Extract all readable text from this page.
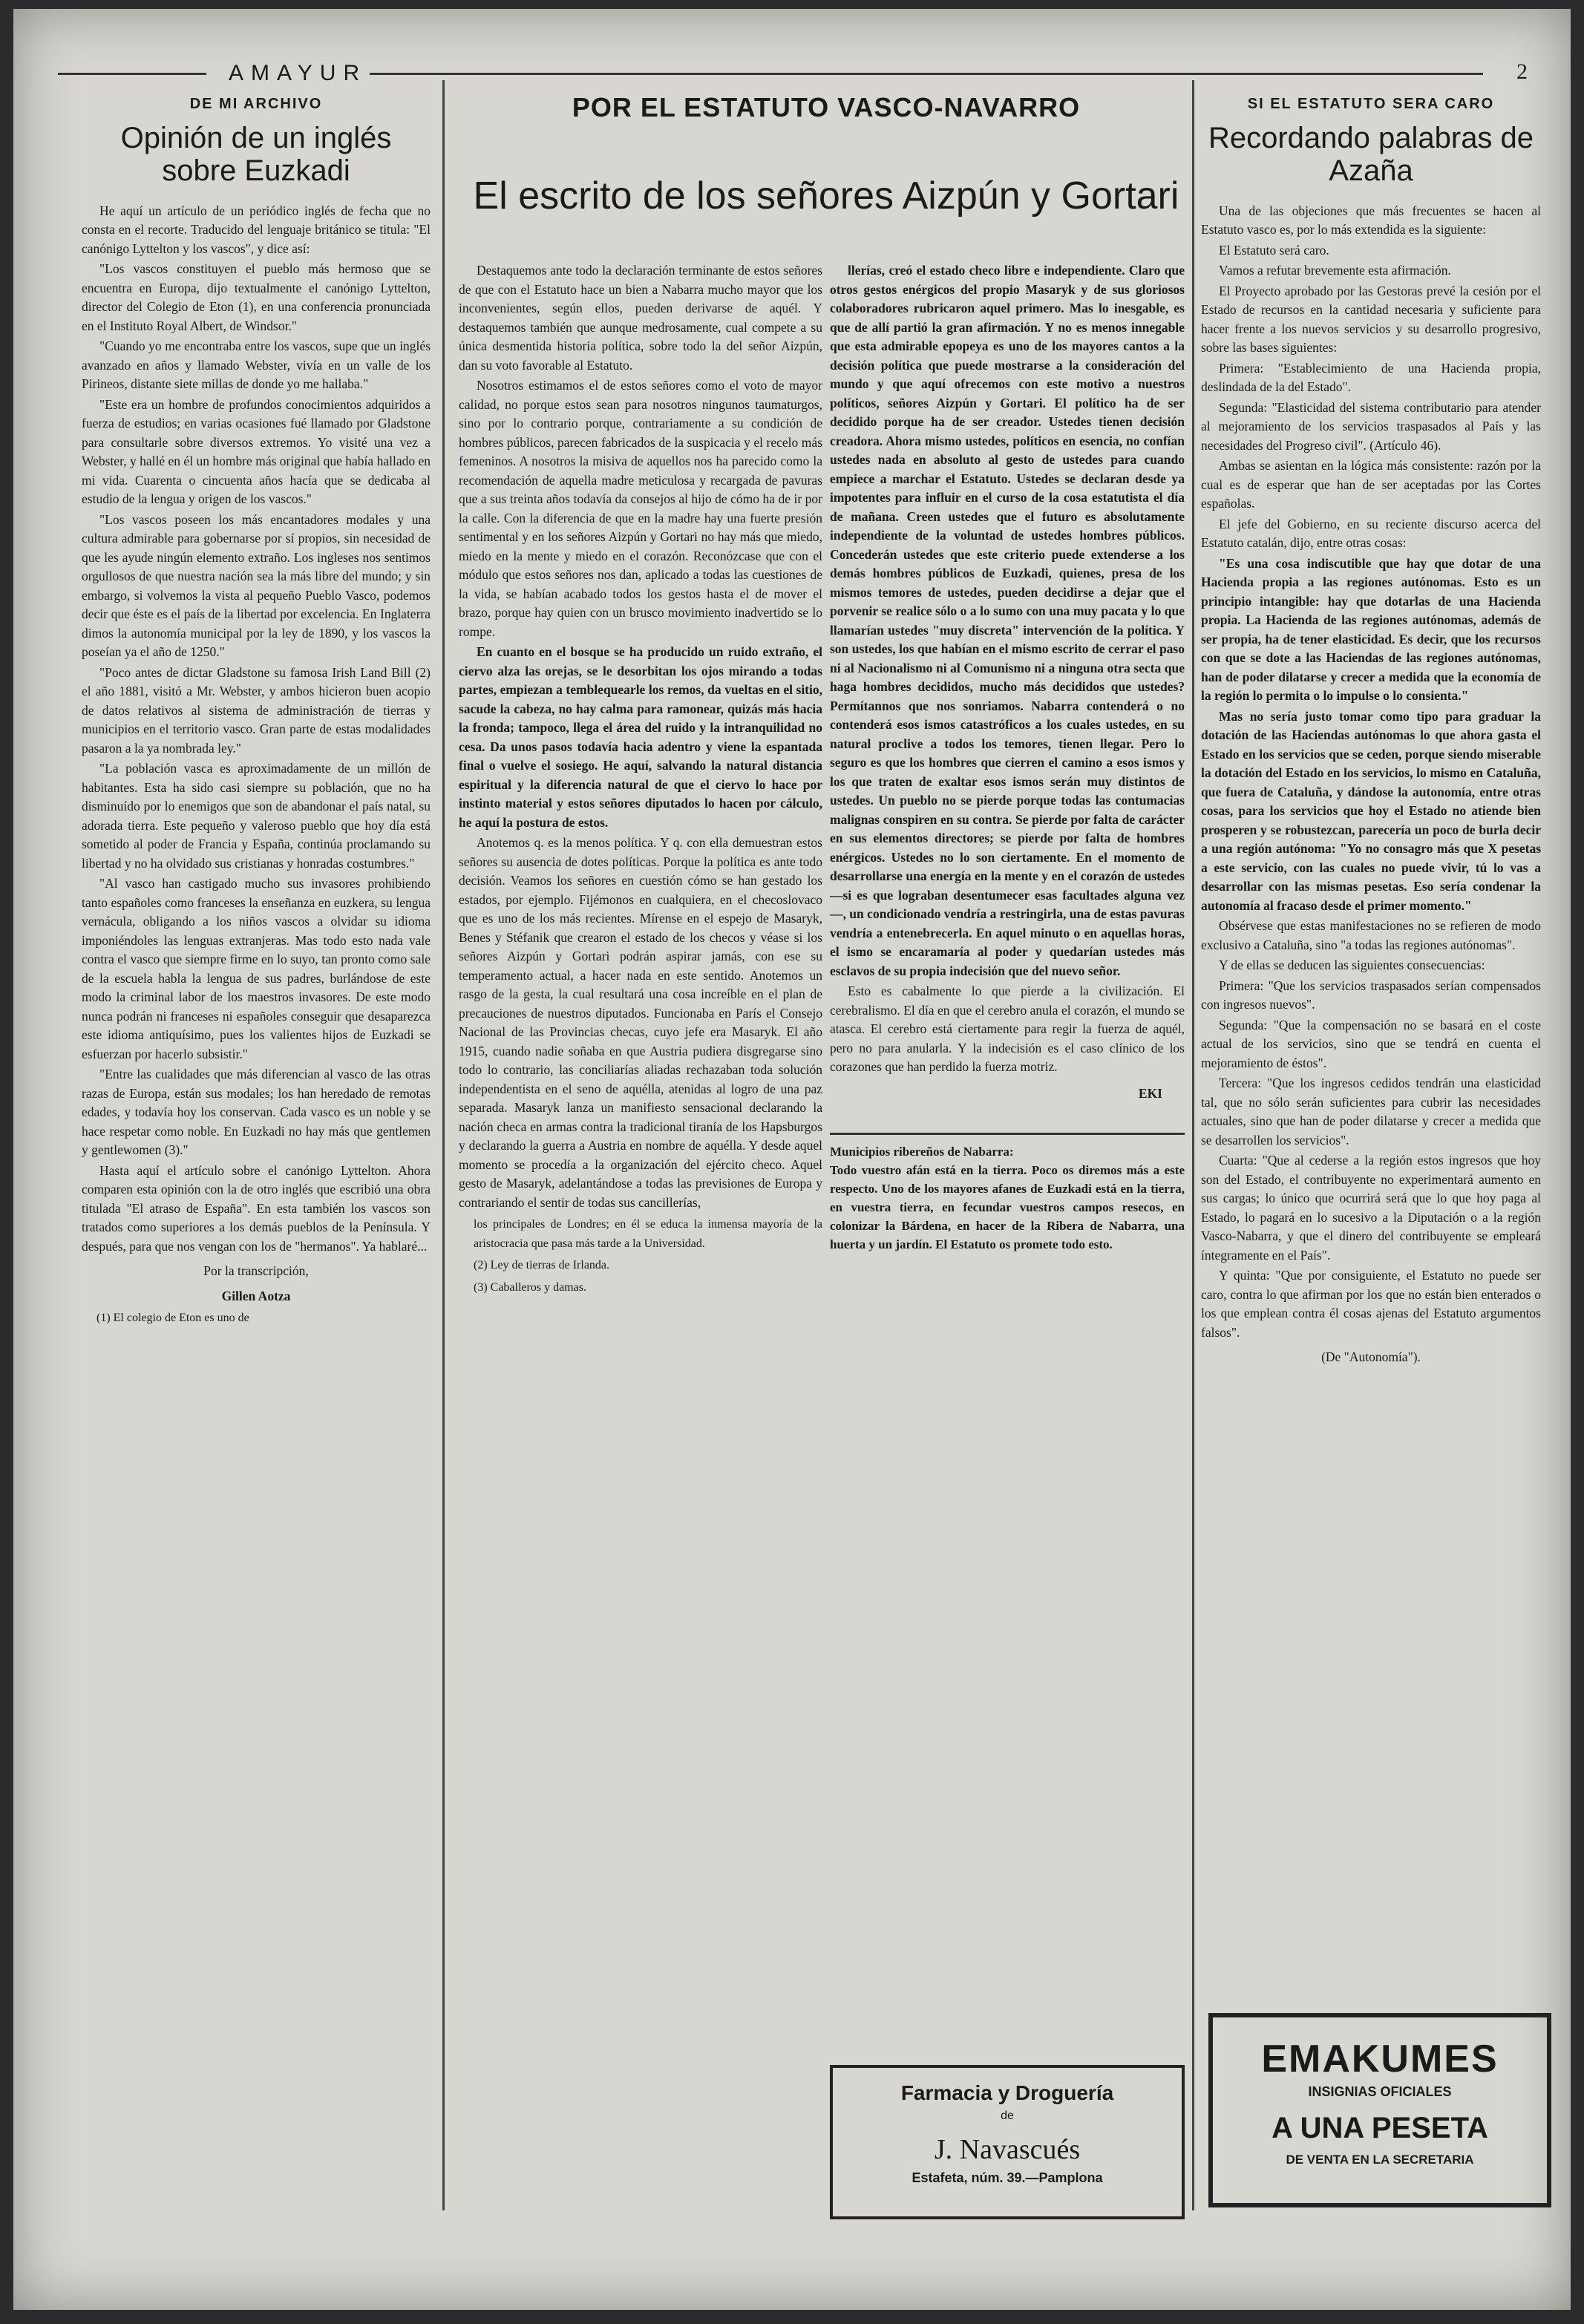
AMAYUR	2
DE MI ARCHIVO
Opinión de un inglés sobre Euzkadi

He aquí un artículo de un periódico inglés de fecha que no consta en el recorte. Traducido del lenguaje británico se titula: "El canónigo Lyttelton y los vascos", y dice así:

"Los vascos constituyen el pueblo más hermoso que se encuentra en Europa, dijo textualmente el canónigo Lyttelton, director del Colegio de Eton (1), en una conferencia pronunciada en el Instituto Royal Albert, de Windsor."

"Cuando yo me encontraba entre los vascos, supe que un inglés avanzado en años y llamado Webster, vivía en un valle de los Pirineos, distante siete millas de donde yo me hallaba."

"Este era un hombre de profundos conocimientos adquiridos a fuerza de estudios; en varias ocasiones fué llamado por Gladstone para consultarle sobre diversos extremos. Yo visité una vez a Webster, y hallé en él un hombre más original que había hallado en mi vida. Cuarenta o cincuenta años hacía que se dedicaba al estudio de la lengua y origen de los vascos."

"Los vascos poseen los más encantadores modales y una cultura admirable para gobernarse por sí propios, sin necesidad de que les ayude ningún elemento extraño. Los ingleses nos sentimos orgullosos de que nuestra nación sea la más libre del mundo; y sin embargo, si volvemos la vista al pequeño Pueblo Vasco, podemos decir que éste es el país de la libertad por excelencia. En Inglaterra dimos la autonomía municipal por la ley de 1890, y los vascos la poseían ya el año de 1250."

"Poco antes de dictar Gladstone su famosa Irish Land Bill (2) el año 1881, visitó a Mr. Webster, y ambos hicieron buen acopio de datos relativos al sistema de administración de tierras y municipios en el territorio vasco. Gran parte de estas modalidades pasaron a la ya nombrada ley."

"La población vasca es aproximadamente de un millón de habitantes. Esta ha sido casi siempre su población, que no ha disminuído por lo enemigos que son de abandonar el país natal, su adorada tierra. Este pequeño y valeroso pueblo que hoy día está sometido al poder de Francia y España, continúa proclamando su libertad y no ha olvidado sus cristianas y honradas costumbres."

"Al vasco han castigado mucho sus invasores prohibiendo tanto españoles como franceses la enseñanza en euzkera, su lengua vernácula, obligando a los niños vascos a olvidar su idioma imponiéndoles las lenguas extranjeras. Mas todo esto nada vale contra el vasco que siempre firme en lo suyo, tan pronto como sale de la escuela habla la lengua de sus padres, burlándose de este modo la criminal labor de los maestros invasores. De este modo nunca podrán ni franceses ni españoles conseguir que desaparezca este idioma antiquísimo, pues los valientes hijos de Euzkadi se esfuerzan por hacerlo subsistir."

"Entre las cualidades que más diferencian al vasco de las otras razas de Europa, están sus modales; los han heredado de remotas edades, y todavía hoy los conservan. Cada vasco es un noble y se hace respetar como noble. En Euzkadi no hay más que gentlemen y gentlewomen (3)."

Hasta aquí el artículo sobre el canónigo Lyttelton. Ahora comparen esta opinión con la de otro inglés que escribió una obra titulada "El atraso de España". En esta también los vascos son tratados como superiores a los demás pueblos de la Península. Y después, para que nos vengan con los de "hermanos". Ya hablaré...

Por la transcripción,
Gillen Aotza
(1) El colegio de Eton es uno de
POR EL ESTATUTO VASCO-NAVARRO
El escrito de los señores Aizpún y Gortari

Destaquemos ante todo la declaración terminante de estos señores de que con el Estatuto hace un bien a Nabarra mucho mayor que los inconvenientes, según ellos, pueden derivarse de aquél. Y destaquemos también que aunque medrosamente, cual compete a su única desmentida historia política, sobre todo la del señor Aizpún, dan su voto favorable al Estatuto.

Nosotros estimamos el de estos señores como el voto de mayor calidad, no porque estos sean para nosotros ningunos taumaturgos, sino por lo contrario porque, contrariamente a su condición de hombres públicos, parecen fabricados de la suspicacia y el recelo más femeninos. A nosotros la misiva de aquellos nos ha parecido como la recomendación de aquella madre meticulosa y recargada de pavuras que a sus treinta años todavía da consejos al hijo de cómo ha de ir por la calle. Con la diferencia de que en la madre hay una fuerte presión sentimental y en los señores Aizpún y Gortari no hay más que miedo, miedo en la mente y miedo en el corazón. Reconózcase que con el módulo que estos señores nos dan, aplicado a todas las cuestiones de la vida, se habían acabado todos los gestos hasta el de mover el brazo, porque hay quien con un brusco movimiento inadvertido se lo rompe.

En cuanto en el bosque se ha producido un ruido extraño, el ciervo alza las orejas, se le desorbitan los ojos mirando a todas partes, empiezan a temblequearle los remos, da vueltas en el sitio, sacude la cabeza, no hay calma para ramonear, quizás más hacia la fronda; tampoco, llega el área del ruido y la intranquilidad no cesa. Da unos pasos todavía hacia adentro y viene la espantada final o vuelve el sosiego. He aquí, salvando la natural distancia espiritual y la diferencia natural de que el ciervo lo hace por instinto material y estos señores diputados lo hacen por cálculo, he aquí la postura de estos.

Anotemos q. es la menos política. Y q. con ella demuestran estos señores su ausencia de dotes políticas. Porque la política es ante todo decisión. Veamos los señores en cuestión cómo se han gestado los estados, por ejemplo. Fijémonos en cualquiera, en el checoslovaco que es uno de los más recientes. Mírense en el espejo de Masaryk, Benes y Stéfanik que crearon el estado de los checos y véase si los señores Aizpún y Gortari podrán aspirar jamás, con ese su temperamento actual, a hacer nada en este sentido. Anotemos un rasgo de la gesta, la cual resultará una cosa increíble en el plan de precauciones de nuestros diputados. Funcionaba en París el Consejo Nacional de las Provincias checas, cuyo jefe era Masaryk. El año 1915, cuando nadie soñaba en que Austria pudiera disgregarse sino todo lo contrario, las conciliarías aliadas rechazaban toda solución independentista en el seno de aquélla, atenidas al logro de una paz separada. Masaryk lanza un manifiesto sensacional declarando la nación checa en armas contra la tradicional tiranía de los Hapsburgos y declarando la guerra a Austria en nombre de aquélla. Y desde aquel momento se procedía a la organización del ejército checo. Aquel gesto de Masaryk, adelantándose a todas las previsiones de Europa y contrariando el sentir de todas sus cancillerías,

los principales de Londres; en él se educa la inmensa mayoría de la aristocracia que pasa más tarde a la Universidad.
(2) Ley de tierras de Irlanda.
(3) Caballeros y damas.

llerías, creó el estado checo libre e independiente. Claro que otros gestos enérgicos del propio Masaryk y de sus gloriosos colaboradores rubricaron aquel primero. Mas lo inesgable, es que de allí partió la gran afirmación. Y no es menos innegable que esta admirable epopeya es uno de los mayores cantos a la decisión política que puede mostrarse a la consideración del mundo y que aquí ofrecemos con este motivo a nuestros políticos, señores Aizpún y Gortari. El político ha de ser decidido porque ha de ser creador. Ustedes tienen decisión creadora. Ahora mismo ustedes, políticos en esencia, no confían ustedes nada en absoluto al gesto de ustedes para cuando empiece a marchar el Estatuto. Ustedes se declaran desde ya impotentes para influir en el curso de la cosa estatutista el día de mañana. Creen ustedes que el futuro es absolutamente independiente de la voluntad de ustedes hombres públicos. Concederán ustedes que este criterio puede extenderse a los demás hombres públicos de Euzkadi, quienes, presa de los mismos temores de ustedes, pueden decidirse a dejar que el porvenir se realice sólo o a lo sumo con una muy pacata y lo que llamarían ustedes "muy discreta" intervención de la política. Y son ustedes, los que habían en el mismo escrito de cerrar el paso ni al Nacionalismo ni al Comunismo ni a ninguna otra secta que haga hombres decididos, mucho más decididos que ustedes? Permítannos que nos sonriamos. Nabarra contenderá o no contenderá esos ismos catastróficos a los cuales ustedes, en su natural proclive a todos los temores, tienen llegar. Pero lo seguro es que los hombres que cierren el camino a esos ismos y los que traten de exaltar esos ismos serán muy distintos de ustedes. Un pueblo no se pierde porque todas las contumacias malignas conspiren en su contra. Se pierde por falta de carácter en sus elementos directores; se pierde por falta de hombres enérgicos. Ustedes no lo son ciertamente. En el momento de desarrollarse una energía en la mente y en el corazón de ustedes—si es que lograban desentumecer esas facultades alguna vez—, un condicionado vendría a restringirla, una de estas pavuras vendría a entenebrecerla. En aquel minuto o en aquellas horas, el ismo se encaramaría al poder y quedarían ustedes más esclavos de su propia indecisión que del nuevo señor.

Esto es cabalmente lo que pierde a la civilización. El cerebralismo. El día en que el cerebro anula el corazón, el mundo se atasca. El cerebro está ciertamente para regir la fuerza de aquél, pero no para anularla. Y la indecisión es el caso clínico de los corazones que han perdido la fuerza motriz.

EKI
Municipios ribereños de Nabarra:
Todo vuestro afán está en la tierra. Poco os diremos más a este respecto. Uno de los mayores afanes de Euzkadi está en la tierra, en vuestra tierra, en fecundar vuestros campos resecos, en colonizar la Bárdena, en hacer de la Ribera de Nabarra, una huerta y un jardín. El Estatuto os promete todo esto.
SI EL ESTATUTO SERA CARO
Recordando palabras de Azaña

Una de las objeciones que más frecuentes se hacen al Estatuto vasco es, por lo más extendida es la siguiente:

El Estatuto será caro.

Vamos a refutar brevemente esta afirmación.

El Proyecto aprobado por las Gestoras prevé la cesión por el Estado de recursos en la cantidad necesaria y suficiente para hacer frente a los nuevos servicios y su desarrollo progresivo, sobre las bases siguientes:

Primera: "Establecimiento de una Hacienda propia, deslindada de la del Estado".

Segunda: "Elasticidad del sistema contributario para atender al mejoramiento de los servicios traspasados al País y las necesidades del Progreso civil". (Artículo 46).

Ambas se asientan en la lógica más consistente: razón por la cual es de esperar que han de ser aceptadas por las Cortes españolas.

El jefe del Gobierno, en su reciente discurso acerca del Estatuto catalán, dijo, entre otras cosas:

"Es una cosa indiscutible que hay que dotar de una Hacienda propia a las regiones autónomas. Esto es un principio intangible: hay que dotarlas de una Hacienda propia. La Hacienda de las regiones autónomas, además de ser propia, ha de tener elasticidad. Es decir, que los recursos con que se dote a las Haciendas de las regiones autónomas, han de poder dilatarse y crecer a medida que la economía de la región lo permita o lo impulse o lo consienta."

Mas no sería justo tomar como tipo para graduar la dotación de las Haciendas autónomas lo que ahora gasta el Estado en los servicios que se ceden, porque siendo miserable la dotación del Estado en los servicios, lo mismo en Cataluña, que fuera de Cataluña, y dándose la autonomía, entre otras cosas, para los servicios que hoy el Estado no atiende bien prosperen y se robustezcan, parecería un poco de burla decir a una región autónoma: "Yo no consagro más que X pesetas a este servicio, con las cuales no puede vivir, tú lo vas a desarrollar con las mismas pesetas. Eso sería condenar la autonomía al fracaso desde el primer momento."

Obsérvese que estas manifestaciones no se refieren de modo exclusivo a Cataluña, sino "a todas las regiones autónomas".

Y de ellas se deducen las siguientes consecuencias:

Primera: "Que los servicios traspasados serían compensados con ingresos nuevos".

Segunda: "Que la compensación no se basará en el coste actual de los servicios, sino que se tendrá en cuenta el mejoramiento de éstos".

Tercera: "Que los ingresos cedidos tendrán una elasticidad tal, que no sólo serán suficientes para cubrir las necesidades actuales, sino que han de poder dilatarse y crecer a medida que se desarrollen los servicios".

Cuarta: "Que al cederse a la región estos ingresos que hoy son del Estado, el contribuyente no experimentará aumento en sus cargas; lo único que ocurrirá será que lo que hoy paga al Estado, lo pagará en lo sucesivo a la Diputación o a la región Vasco-Nabarra, y que el dinero del contribuyente se empleará íntegramente en el País".

Y quinta: "Que por consiguiente, el Estatuto no puede ser caro, contra lo que afirman por los que no están bien enterados o los que emplean contra él cosas ajenas del Estatuto argumentos falsos".

(De "Autonomía").
Farmacia y Droguería
de
J. Navascués
Estafeta, núm. 39.—Pamplona
EMAKUMES
INSIGNIAS OFICIALES
A UNA PESETA
DE VENTA EN LA SECRETARIA
